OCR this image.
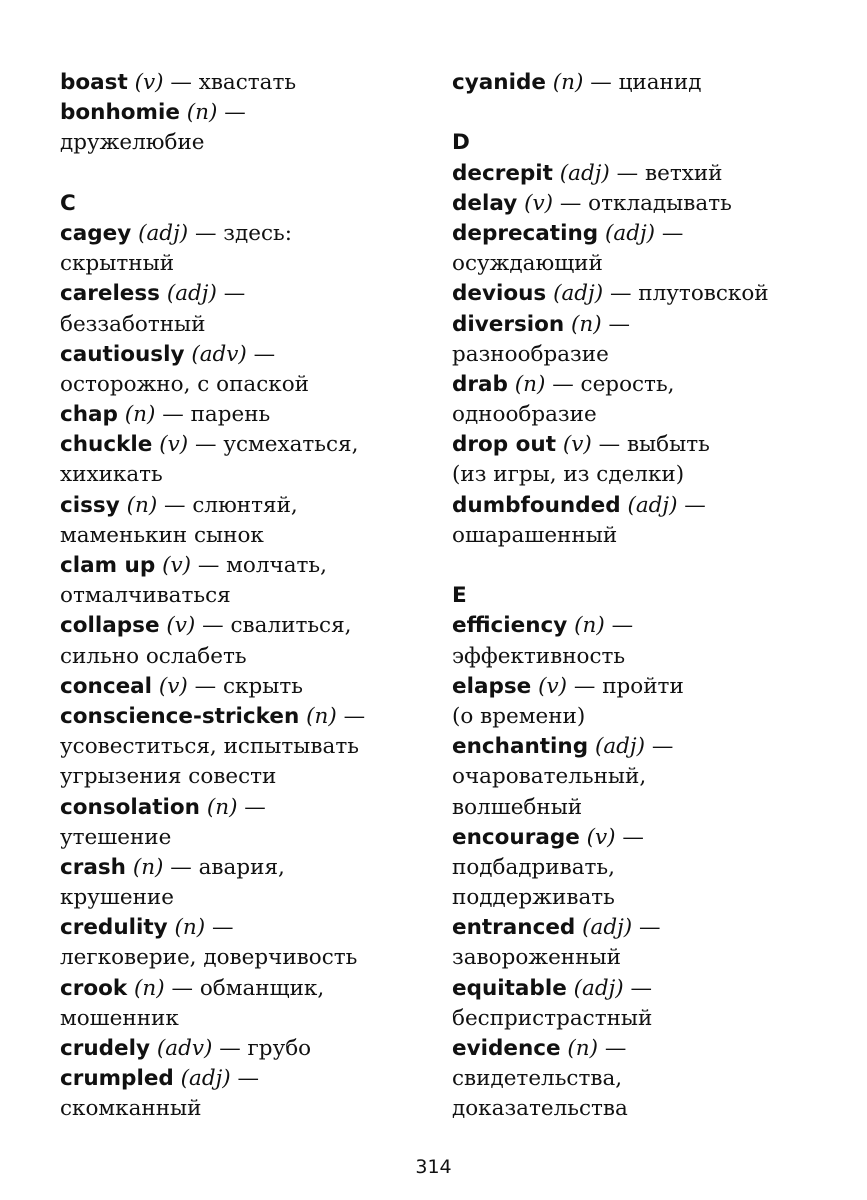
boast (v) — хвастать
bonhomie (n) —
дружелюбие
C
cagey (adj) — здесь:
скрытный
careless (adj) —
беззаботный
cautiously (adv) —
осторожно, с опаской
chap (n) — парень
chuckle (v) — усмехаться,
хихикать
cissy (n) — слюнтяй,
маменькин сынок
clam up (v) — молчать,
отмалчиваться
collapse (v) — свалиться,
сильно ослабеть
conceal (v) — скрыть
conscience-stricken (n) —
усовеститься, испытывать
угрызения совести
consolation (n) —
утешение
crash (n) — авария,
крушение
credulity (n) —
легковерие, доверчивость
crook (n) — обманщик,
мошенник
crudely (adv) — грубо
crumpled (adj) —
скомканный
cyanide (n) — цианид
D
decrepit (adj) — ветхий
delay (v) — откладывать
deprecating (adj) —
осуждающий
devious (adj) — плутовской
diversion (n) —
разнообразие
drab (n) — серость,
однообразие
drop out (v) — выбыть
(из игры, из сделки)
dumbfounded (adj) —
ошарашенный
E
efficiency (n) —
эффективность
elapse (v) — пройти
(о времени)
enchanting (adj) —
очаровательный,
волшебный
encourage (v) —
подбадривать,
поддерживать
entranced (adj) —
завороженный
equitable (adj) —
беспристрастный
evidence (n) —
свидетельства,
доказательства
314
